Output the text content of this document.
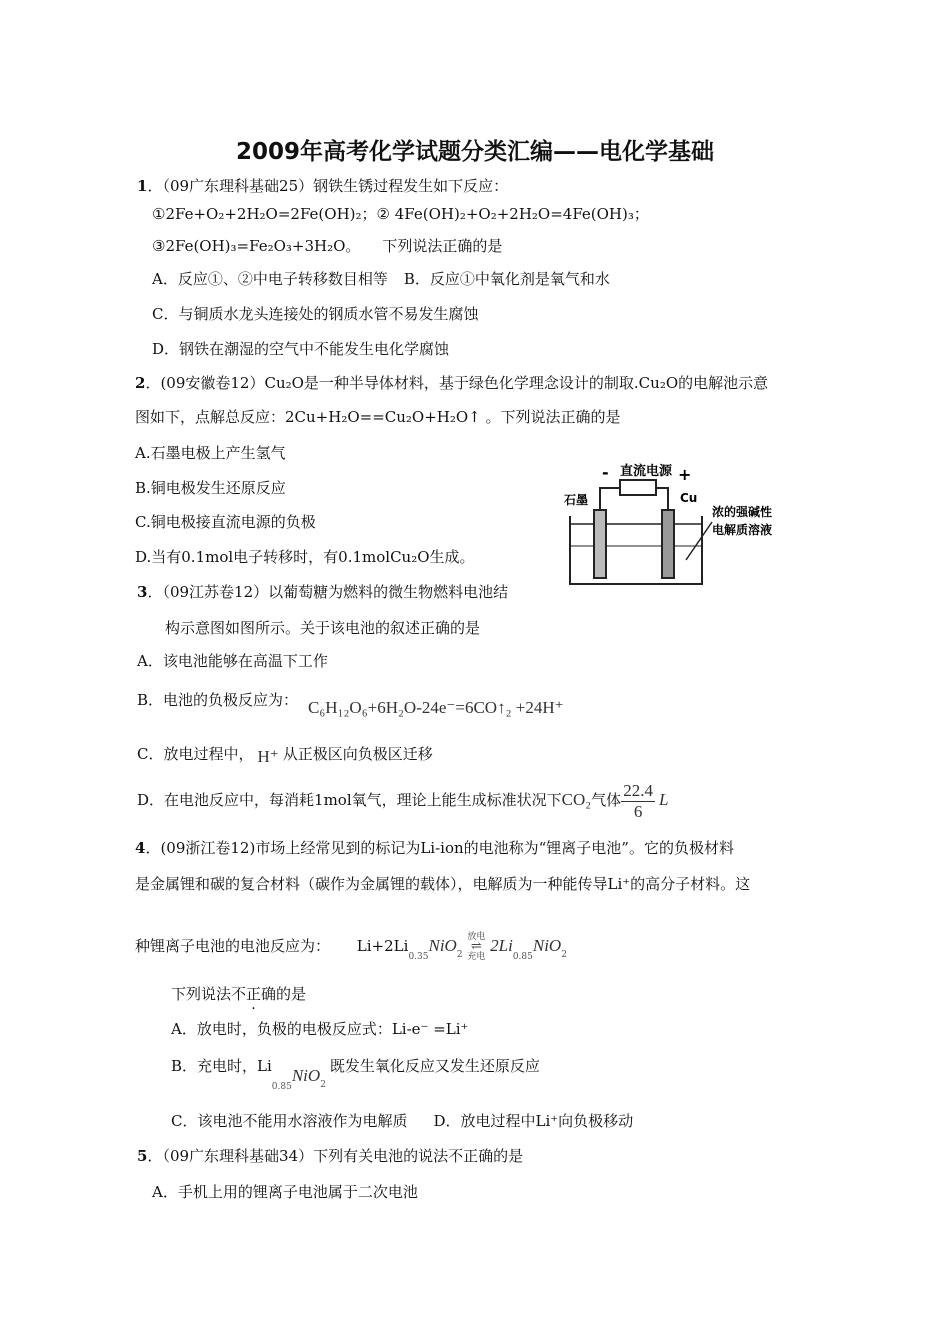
2009年高考化学试题分类汇编——电化学基础
1．（09广东理科基础25）钢铁生锈过程发生如下反应：
①2Fe+O₂+2H₂O=2Fe(OH)₂；② 4Fe(OH)₂+O₂+2H₂O=4Fe(OH)₃；
③2Fe(OH)₃=Fe₂O₃+3H₂O。 下列说法正确的是
A．反应①、②中电子转移数目相等 B．反应①中氧化剂是氧气和水
C．与铜质水龙头连接处的钢质水管不易发生腐蚀
D．钢铁在潮湿的空气中不能发生电化学腐蚀
2．(09安徽卷12）Cu₂O是一种半导体材料，基于绿色化学理念设计的制取.Cu₂O的电解池示意
图如下，点解总反应：2Cu+H₂O==Cu₂O+H₂O↑ 。下列说法正确的是
A.石墨电极上产生氢气
B.铜电极发生还原反应
C.铜电极接直流电源的负极
D.当有0.1mol电子转移时，有0.1molCu₂O生成。
- 直流电源 +
石墨	Cu
浓的强碱性
电解质溶液
3．（09江苏卷12）以葡萄糖为燃料的微生物燃料电池结
构示意图如图所示。关于该电池的叙述正确的是
A．该电池能够在高温下工作
B．电池的负极反应为： C₆H₁₂O₆+6H₂O-24e⁻=6CO↑₂ +24H⁺
C．放电过程中， H⁺ 从正极区向负极区迁移
D．在电池反应中，每消耗1mol氧气，理论上能生成标准状况下CO₂气体 $\frac{22.4}{6}$ L
4．(09浙江卷12)市场上经常见到的标记为Li-ion的电池称为“锂离子电池”。它的负极材料
是金属锂和碳的复合材料（碳作为金属锂的载体），电解质为一种能传导Li⁺的高分子材料。这
种锂离子电池的电池反应为： $Li+2Li_{0.35}NiO_2$ 放电
⇌
充电 $2Li_{0.85}NiO_2$
下列说法不正确的是
A．放电时，负极的电极反应式：Li-e⁻ =Li⁺
B．充电时，$Li_{0.85}NiO_2$既发生氧化反应又发生还原反应
C．该电池不能用水溶液作为电解质 D．放电过程中Li⁺向负极移动
5．（09广东理科基础34）下列有关电池的说法不正确的是
A．手机上用的锂离子电池属于二次电池
